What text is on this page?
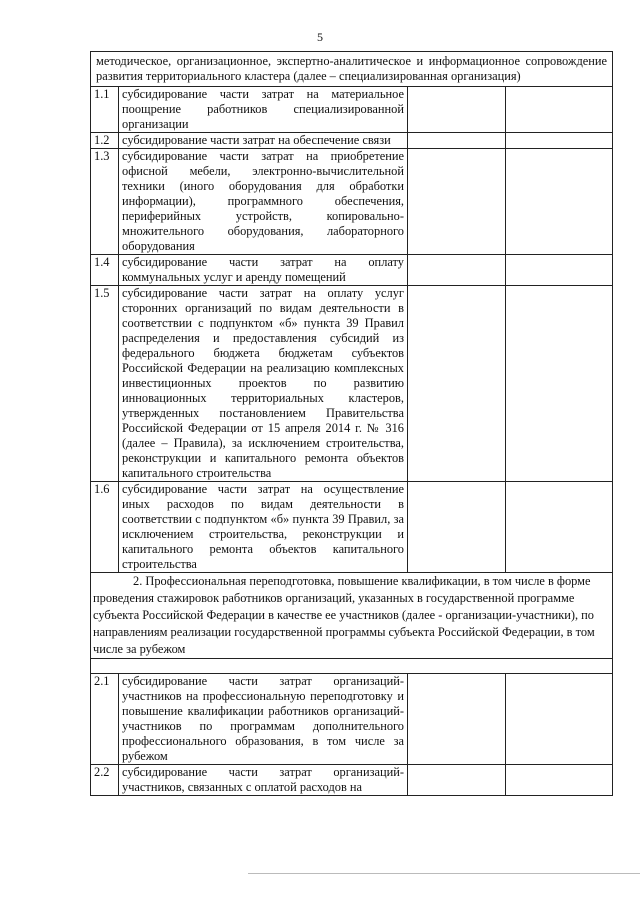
5
методическое, организационное, экспертно-аналитическое и информационное сопровождение развития территориального кластера (далее – специализированная организация)			
1.1	субсидирование части затрат на материальное поощрение работников специализированной организации		
1.2	субсидирование части затрат на обеспечение связи		
1.3	субсидирование части затрат на приобретение офисной мебели, электронно-вычислительной техники (иного оборудования для обработки информации), программного обеспечения, периферийных устройств, копировально-множительного оборудования, лабораторного оборудования		
1.4	субсидирование части затрат на оплату коммунальных услуг и аренду помещений		
1.5	субсидирование части затрат на оплату услуг сторонних организаций по видам деятельности в соответствии с подпунктом «б» пункта 39 Правил распределения и предоставления субсидий из федерального бюджета бюджетам субъектов Российской Федерации на реализацию комплексных инвестиционных проектов по развитию инновационных территориальных кластеров, утвержденных постановлением Правительства Российской Федерации от 15 апреля 2014 г. № 316 (далее – Правила), за исключением строительства, реконструкции и капитального ремонта объектов капитального строительства		
1.6	субсидирование части затрат на осуществление иных расходов по видам деятельности в соответствии с подпунктом «б» пункта 39 Правил, за исключением строительства, реконструкции и капитального ремонта объектов капитального строительства		
2. Профессиональная переподготовка, повышение квалификации, в том числе в форме проведения стажировок работников организаций, указанных в государственной программе субъекта Российской Федерации в качестве ее участников (далее - организации-участники), по направлениям реализации государственной программы субъекта Российской Федерации, в том числе за рубежом			

2.1	субсидирование части затрат организаций-участников на профессиональную переподготовку и повышение квалификации работников организаций-участников по программам дополнительного профессионального образования, в том числе за рубежом		
2.2	субсидирование части затрат организаций-участников, связанных с оплатой расходов на		
